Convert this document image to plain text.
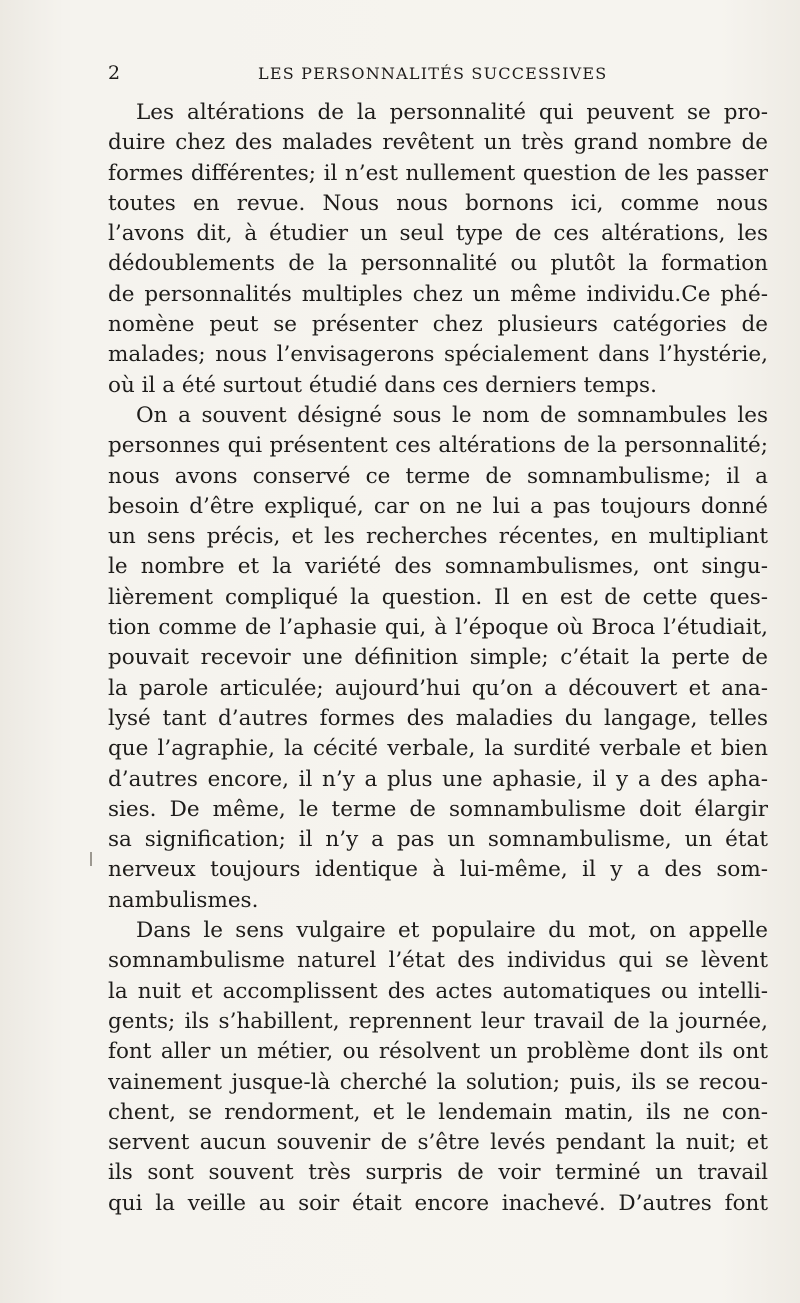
2	LES PERSONNALITÉS SUCCESSIVES
Les altérations de la personnalité qui peuvent se pro-
duire chez des malades revêtent un très grand nombre de
formes différentes; il n’est nullement question de les passer
toutes en revue. Nous nous bornons ici, comme nous
l’avons dit, à étudier un seul type de ces altérations, les
dédoublements de la personnalité ou plutôt la formation
de personnalités multiples chez un même individu.Ce phé-
nomène peut se présenter chez plusieurs catégories de
malades; nous l’envisagerons spécialement dans l’hystérie,
où il a été surtout étudié dans ces derniers temps.
On a souvent désigné sous le nom de somnambules les
personnes qui présentent ces altérations de la personnalité;
nous avons conservé ce terme de somnambulisme; il a
besoin d’être expliqué, car on ne lui a pas toujours donné
un sens précis, et les recherches récentes, en multipliant
le nombre et la variété des somnambulismes, ont singu-
lièrement compliqué la question. Il en est de cette ques-
tion comme de l’aphasie qui, à l’époque où Broca l’étudiait,
pouvait recevoir une définition simple; c’était la perte de
la parole articulée; aujourd’hui qu’on a découvert et ana-
lysé tant d’autres formes des maladies du langage, telles
que l’agraphie, la cécité verbale, la surdité verbale et bien
d’autres encore, il n’y a plus une aphasie, il y a des apha-
sies. De même, le terme de somnambulisme doit élargir
sa signification; il n’y a pas un somnambulisme, un état
nerveux toujours identique à lui-même, il y a des som-
nambulismes.
Dans le sens vulgaire et populaire du mot, on appelle
somnambulisme naturel l’état des individus qui se lèvent
la nuit et accomplissent des actes automatiques ou intelli-
gents; ils s’habillent, reprennent leur travail de la journée,
font aller un métier, ou résolvent un problème dont ils ont
vainement jusque-là cherché la solution; puis, ils se recou-
chent, se rendorment, et le lendemain matin, ils ne con-
servent aucun souvenir de s’être levés pendant la nuit; et
ils sont souvent très surpris de voir terminé un travail
qui la veille au soir était encore inachevé. D’autres font
